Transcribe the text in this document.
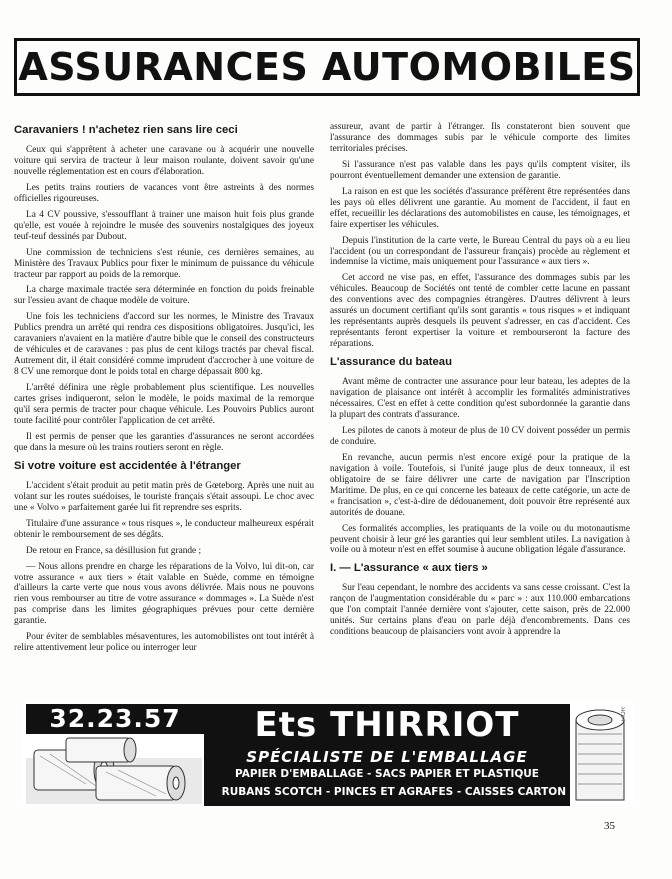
ASSURANCES AUTOMOBILES
Caravaniers ! n'achetez rien sans lire ceci

Ceux qui s'apprêtent à acheter une caravane ou à acquérir une nouvelle voiture qui servira de tracteur à leur maison roulante, doivent savoir qu'une nouvelle réglementation est en cours d'élaboration.

Les petits trains routiers de vacances vont être astreints à des normes officielles rigoureuses.

La 4 CV poussive, s'essoufflant à trainer une maison huit fois plus grande qu'elle, est vouée à rejoindre le musée des souvenirs nostalgiques des joyeux teuf-teuf dessinés par Dubout.

Une commission de techniciens s'est réunie, ces dernières semaines, au Ministère des Travaux Publics pour fixer le minimum de puissance du véhicule tracteur par rapport au poids de la remorque.

La charge maximale tractée sera déterminée en fonction du poids freinable sur l'essieu avant de chaque modèle de voiture.

Une fois les techniciens d'accord sur les normes, le Ministre des Travaux Publics prendra un arrêté qui rendra ces dispositions obligatoires. Jusqu'ici, les caravaniers n'avaient en la matière d'autre bible que le conseil des constructeurs de véhicules et de caravanes : pas plus de cent kilogs tractés par cheval fiscal. Autrement dit, il était considéré comme imprudent d'accrocher à une voiture de 8 CV une remorque dont le poids total en charge dépassait 800 kg.

L'arrêté définira une règle probablement plus scientifique. Les nouvelles cartes grises indiqueront, selon le modèle, le poids maximal de la remorque qu'il sera permis de tracter pour chaque véhicule. Les Pouvoirs Publics auront toute facilité pour contrôler l'application de cet arrêté.

Il est permis de penser que les garanties d'assurances ne seront accordées que dans la mesure où les trains routiers seront en règle.

Si votre voiture est accidentée à l'étranger

L'accident s'était produit au petit matin près de Gœteborg. Après une nuit au volant sur les routes suédoises, le touriste français s'était assoupi. Le choc avec une « Volvo » parfaitement garée lui fit reprendre ses esprits.

Titulaire d'une assurance « tous risques », le conducteur malheureux espérait obtenir le remboursement de ses dégâts.

De retour en France, sa désillusion fut grande ;

— Nous allons prendre en charge les réparations de la Volvo, lui dit-on, car votre assurance « aux tiers » était valable en Suède, comme en témoigne d'ailleurs la carte verte que nous vous avons délivrée. Mais nous ne pouvons rien vous rembourser au titre de votre assurance « dommages ». La Suède n'est pas comprise dans les limites géographiques prévues pour cette dernière garantie.

Pour éviter de semblables mésaventures, les automobilistes ont tout intérêt à relire attentivement leur police ou interroger leur

assureur, avant de partir à l'étranger. Ils constateront bien souvent que l'assurance des dommages subis par le véhicule comporte des limites territoriales précises.

Si l'assurance n'est pas valable dans les pays qu'ils comptent visiter, ils pourront éventuellement demander une extension de garantie.

La raison en est que les sociétés d'assurance préfèrent être représentées dans les pays où elles délivrent une garantie. Au moment de l'accident, il faut en effet, recueillir les déclarations des automobilistes en cause, les témoignages, et faire expertiser les véhicules.

Depuis l'institution de la carte verte, le Bureau Central du pays où a eu lieu l'accident (ou un correspondant de l'assureur français) procède au règlement et indemnise la victime, mais uniquement pour l'assurance « aux tiers ».

Cet accord ne vise pas, en effet, l'assurance des dommages subis par les véhicules. Beaucoup de Sociétés ont tenté de combler cette lacune en passant des conventions avec des compagnies étrangères. D'autres délivrent à leurs assurés un document certifiant qu'ils sont garantis « tous risques » et indiquant les représentants auprès desquels ils peuvent s'adresser, en cas d'accident. Ces représentants feront expertiser la voiture et rembourseront la facture des réparations.

L'assurance du bateau

Avant même de contracter une assurance pour leur bateau, les adeptes de la navigation de plaisance ont intérêt à accomplir les formalités administratives nécessaires. C'est en effet à cette condition qu'est subordonnée la garantie dans la plupart des contrats d'assurance.

Les pilotes de canots à moteur de plus de 10 CV doivent posséder un permis de conduire.

En revanche, aucun permis n'est encore exigé pour la pratique de la navigation à voile. Toutefois, si l'unité jauge plus de deux tonneaux, il est obligatoire de se faire délivrer une carte de navigation par l'Inscription Maritime. De plus, en ce qui concerne les bateaux de cette catégorie, un acte de « francisation », c'est-à-dire de dédouanement, doit pouvoir être représenté aux autorités de douane.

Ces formalités accomplies, les pratiquants de la voile ou du motonautisme peuvent choisir à leur gré les garanties qui leur semblent utiles. La navigation à voile ou à moteur n'est en effet soumise à aucune obligation légale d'assurance.

I. — L'assurance « aux tiers »

Sur l'eau cependant, le nombre des accidents va sans cesse croissant. C'est la rançon de l'augmentation considérable du « parc » : aux 110.000 embarcations que l'on comptait l'année dernière vont s'ajouter, cette saison, près de 22.000 unités. Sur certains plans d'eau on parle déjà d'encombrements. Dans ces conditions beaucoup de plaisanciers vont avoir à apprendre la

32.23.57	Ets THIRRIOT
SPÉCIALISTE DE L'EMBALLAGE
PAPIER D'EMBALLAGE - SACS PAPIER ET PLASTIQUE
RUBANS SCOTCH - PINCES ET AGRAFES - CAISSES CARTON
FIOR
35
